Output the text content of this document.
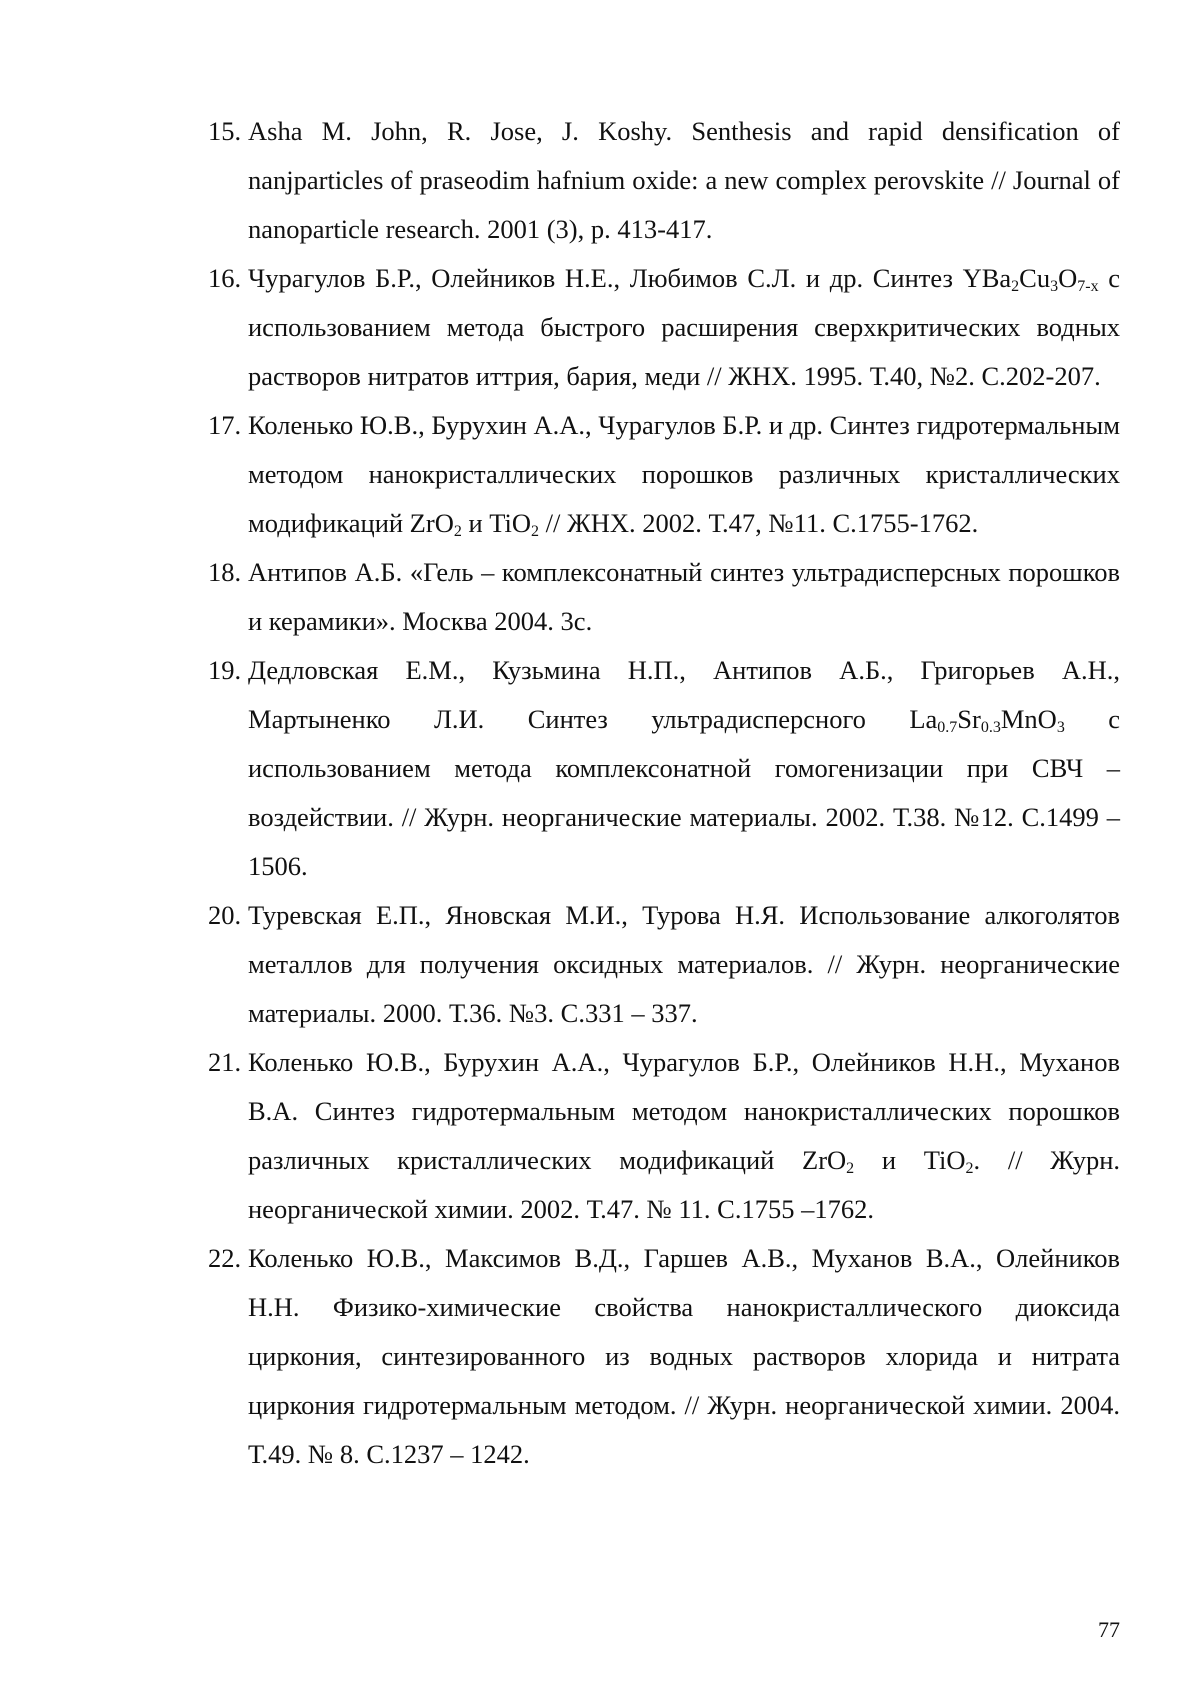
15. Asha M. John, R. Jose, J. Koshy. Senthesis and rapid densification of nanjparticles of praseodim hafnium oxide: a new complex perovskite // Journal of nanoparticle research. 2001 (3), p. 413-417.
16. Чурагулов Б.Р., Олейников Н.Е., Любимов С.Л. и др. Синтез $YBa_2Cu_3O_{7-x}$ с использованием метода быстрого расширения сверхкритических водных растворов нитратов иттрия, бария, меди // ЖНХ. 1995. Т.40, №2. С.202-207.
17. Коленько Ю.В., Бурухин А.А., Чурагулов Б.Р. и др. Синтез гидротермальным методом нанокристаллических порошков различных кристаллических модификаций ZrO$_2$ и TiO$_2$ // ЖНХ. 2002. Т.47, №11. С.1755-1762.
18. Антипов А.Б. «Гель – комплексонатный синтез ультрадисперсных порошков и керамики». Москва 2004. 3с.
19. Дедловская Е.М., Кузьмина Н.П., Антипов А.Б., Григорьев А.Н., Мартыненко Л.И. Синтез ультрадисперсного $La_{0.7}Sr_{0.3}MnO_3$ с использованием метода комплексонатной гомогенизации при СВЧ – воздействии. // Журн. неорганические материалы. 2002. Т.38. №12. С.1499 – 1506.
20. Туревская Е.П., Яновская М.И., Турова Н.Я. Использование алкоголятов металлов для получения оксидных материалов. // Журн. неорганические материалы. 2000. Т.36. №3. С.331 – 337.
21. Коленько Ю.В., Бурухин А.А., Чурагулов Б.Р., Олейников Н.Н., Муханов В.А. Синтез гидротермальным методом нанокристаллических порошков различных кристаллических модификаций ZrO$_2$ и TiO$_2$. // Журн. неорганической химии. 2002. Т.47. № 11. С.1755 –1762.
22. Коленько Ю.В., Максимов В.Д., Гаршев А.В., Муханов В.А., Олейников Н.Н. Физико-химические свойства нанокристаллического диоксида циркония, синтезированного из водных растворов хлорида и нитрата циркония гидротермальным методом. // Журн. неорганической химии. 2004. Т.49. № 8. С.1237 – 1242.
77
